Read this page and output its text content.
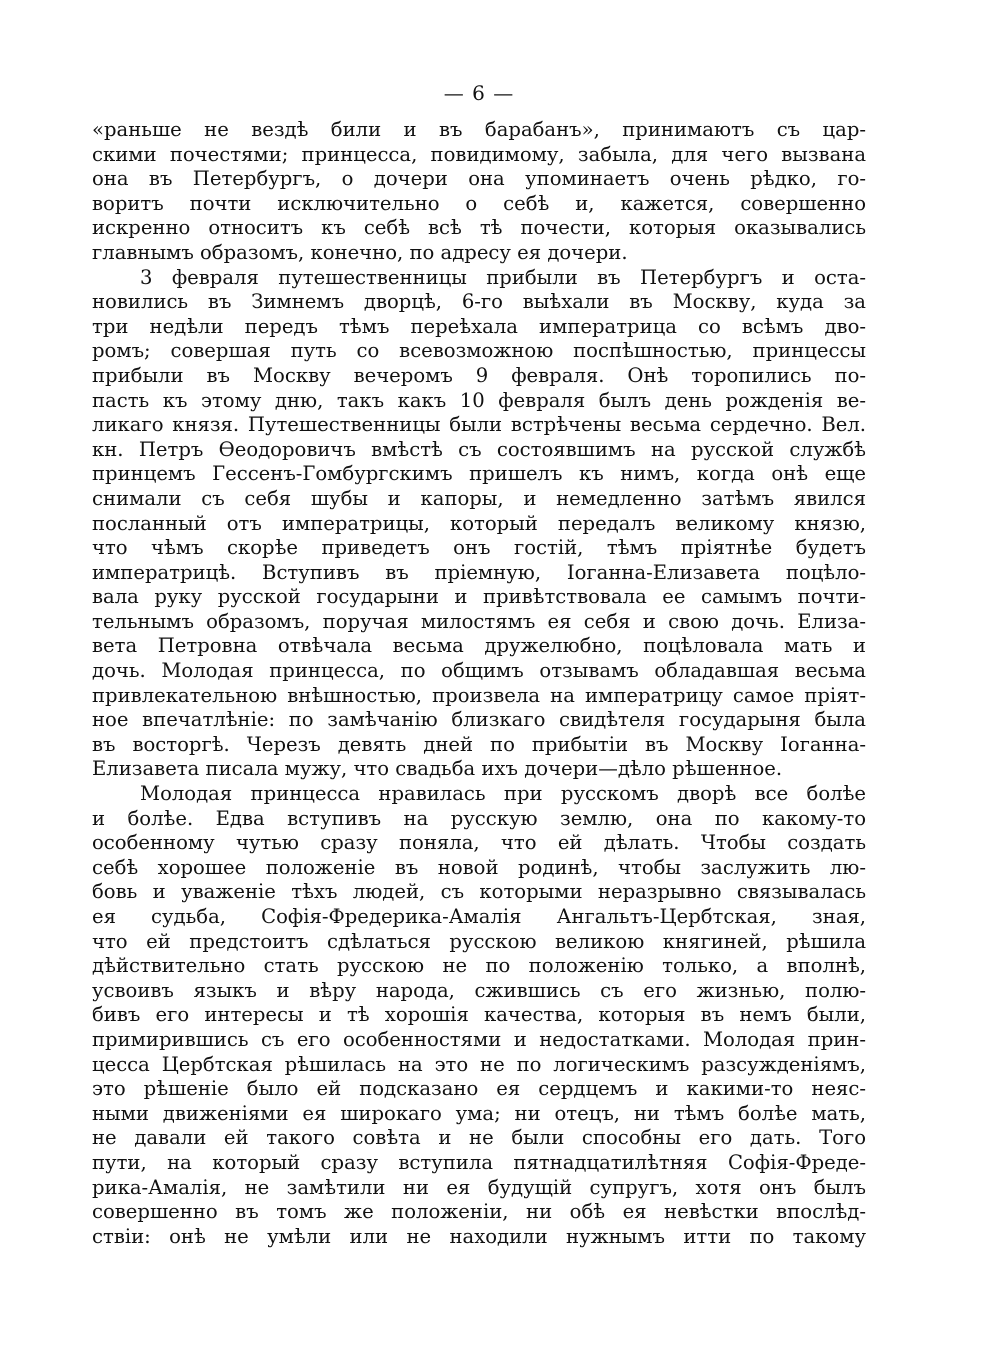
— 6 —
«раньше не вездѣ били и въ барабанъ», принимаютъ съ цар-
скими почестями; принцесса, повидимому, забыла, для чего вызвана
она въ Петербургъ, о дочери она упоминаетъ очень рѣдко, го-
воритъ почти исключительно о себѣ и, кажется, совершенно
искренно относитъ къ себѣ всѣ тѣ почести, которыя оказывались
главнымъ образомъ, конечно, по адресу ея дочери.
3 февраля путешественницы прибыли въ Петербургъ и оста-
новились въ Зимнемъ дворцѣ, 6-го выѣхали въ Москву, куда за
три недѣли передъ тѣмъ переѣхала императрица со всѣмъ дво-
ромъ; совершая путь со всевозможною поспѣшностью, принцессы
прибыли въ Москву вечеромъ 9 февраля. Онѣ торопились по-
пасть къ этому дню, такъ какъ 10 февраля былъ день рожденія ве-
ликаго князя. Путешественницы были встрѣчены весьма сердечно. Вел.
кн. Петръ Ѳеодоровичъ вмѣстѣ съ состоявшимъ на русской службѣ
принцемъ Гессенъ-Гомбургскимъ пришелъ къ нимъ, когда онѣ еще
снимали съ себя шубы и капоры, и немедленно затѣмъ явился
посланный отъ императрицы, который передалъ великому князю,
что чѣмъ скорѣе приведетъ онъ гостій, тѣмъ пріятнѣе будетъ
императрицѣ. Вступивъ въ пріемную, Іоганна-Елизавета поцѣло-
вала руку русской государыни и привѣтствовала ее самымъ почти-
тельнымъ образомъ, поручая милостямъ ея себя и свою дочь. Елиза-
вета Петровна отвѣчала весьма дружелюбно, поцѣловала мать и
дочь. Молодая принцесса, по общимъ отзывамъ обладавшая весьма
привлекательною внѣшностью, произвела на императрицу самое пріят-
ное впечатлѣніе: по замѣчанію близкаго свидѣтеля государыня была
въ восторгѣ. Черезъ девять дней по прибытіи въ Москву Іоганна-
Елизавета писала мужу, что свадьба ихъ дочери—дѣло рѣшенное.
Молодая принцесса нравилась при русскомъ дворѣ все болѣе
и болѣе. Едва вступивъ на русскую землю, она по какому-то
особенному чутью сразу поняла, что ей дѣлать. Чтобы создать
себѣ хорошее положеніе въ новой родинѣ, чтобы заслужить лю-
бовь и уваженіе тѣхъ людей, съ которыми неразрывно связывалась
ея судьба, Софія-Фредерика-Амалія Ангальтъ-Цербтская, зная,
что ей предстоитъ сдѣлаться русскою великою княгиней, рѣшила
дѣйствительно стать русскою не по положенію только, а вполнѣ,
усвоивъ языкъ и вѣру народа, сжившись съ его жизнью, полю-
бивъ его интересы и тѣ хорошія качества, которыя въ немъ были,
примирившись съ его особенностями и недостатками. Молодая прин-
цесса Цербтская рѣшилась на это не по логическимъ разсужденіямъ,
это рѣшеніе было ей подсказано ея сердцемъ и какими-то неяс-
ными движеніями ея широкаго ума; ни отецъ, ни тѣмъ болѣе мать,
не давали ей такого совѣта и не были способны его дать. Того
пути, на который сразу вступила пятнадцатилѣтняя Софія-Фреде-
рика-Амалія, не замѣтили ни ея будущій супругъ, хотя онъ былъ
совершенно въ томъ же положеніи, ни обѣ ея невѣстки впослѣд-
ствіи: онѣ не умѣли или не находили нужнымъ итти по такому
